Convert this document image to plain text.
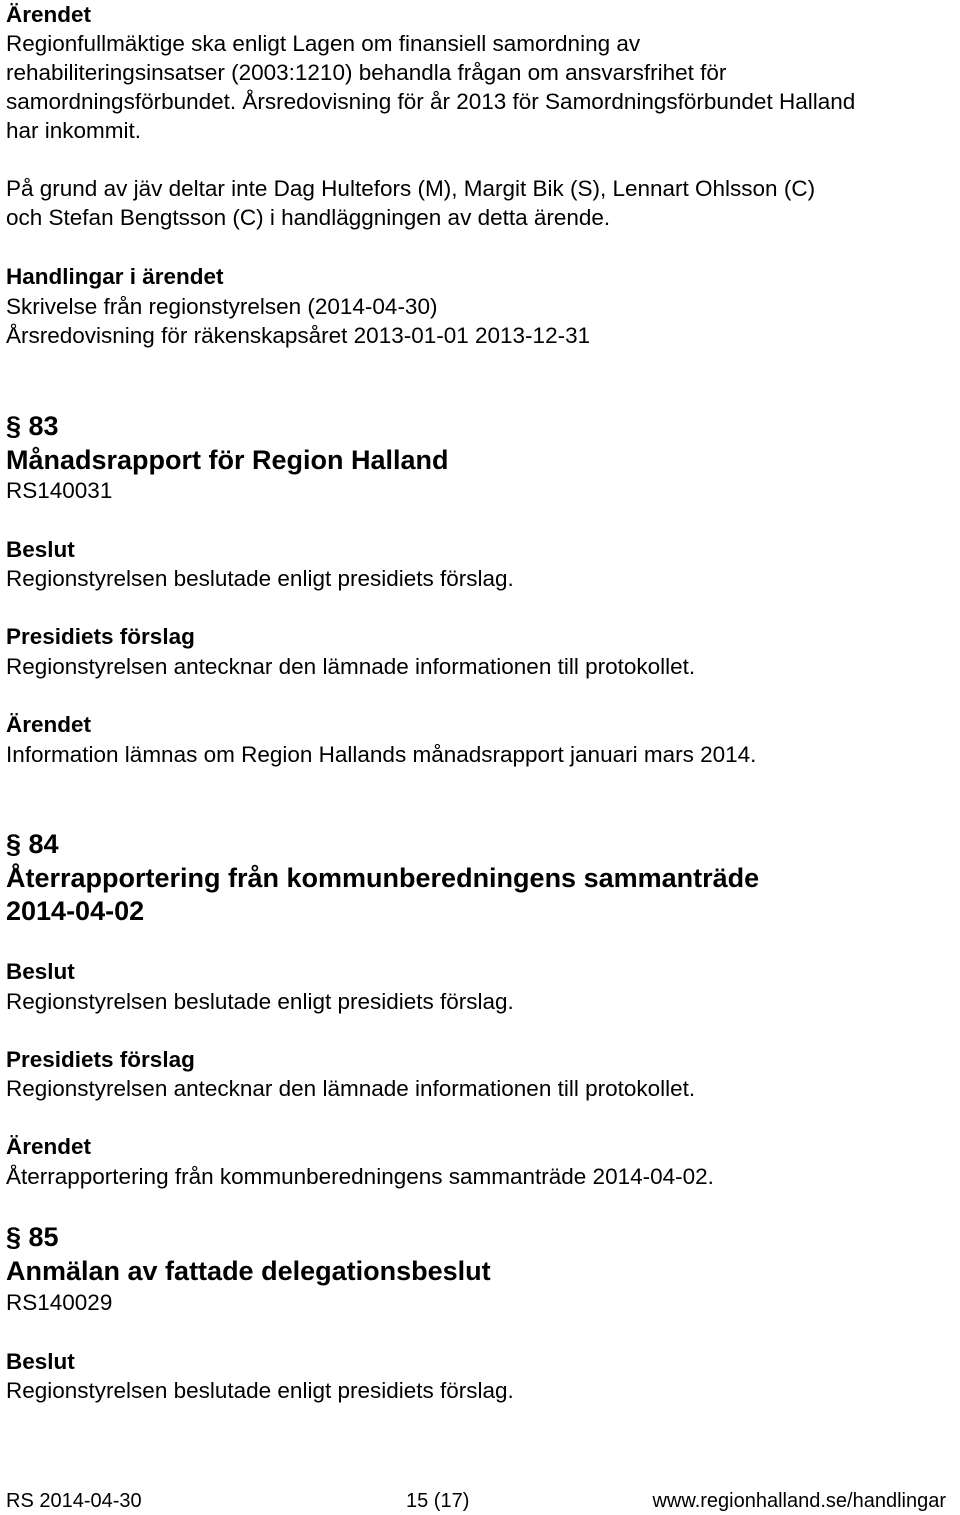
Ärendet

Regionfullmäktige ska enligt Lagen om finansiell samordning av
rehabiliteringsinsatser (2003:1210) behandla frågan om ansvarsfrihet för
samordningsförbundet. Årsredovisning för år 2013 för Samordningsförbundet Halland
har inkommit.

På grund av jäv deltar inte Dag Hultefors (M), Margit Bik (S), Lennart Ohlsson (C)
och Stefan Bengtsson (C) i handläggningen av detta ärende.

Handlingar i ärendet

Skrivelse från regionstyrelsen (2014-04-30)

Årsredovisning för räkenskapsåret 2013-01-01 2013-12-31

§ 83

Månadsrapport för Region Halland

RS140031

Beslut

Regionstyrelsen beslutade enligt presidiets förslag.

Presidiets förslag

Regionstyrelsen antecknar den lämnade informationen till protokollet.

Ärendet

Information lämnas om Region Hallands månadsrapport januari mars 2014.

§ 84

Återrapportering från kommunberedningens sammanträde
2014-04-02

Beslut

Regionstyrelsen beslutade enligt presidiets förslag.

Presidiets förslag

Regionstyrelsen antecknar den lämnade informationen till protokollet.

Ärendet

Återrapportering från kommunberedningens sammanträde 2014-04-02.

§ 85

Anmälan av fattade delegationsbeslut

RS140029

Beslut

Regionstyrelsen beslutade enligt presidiets förslag.

RS 2014-04-30	15 (17)	www.regionhalland.se/handlingar
